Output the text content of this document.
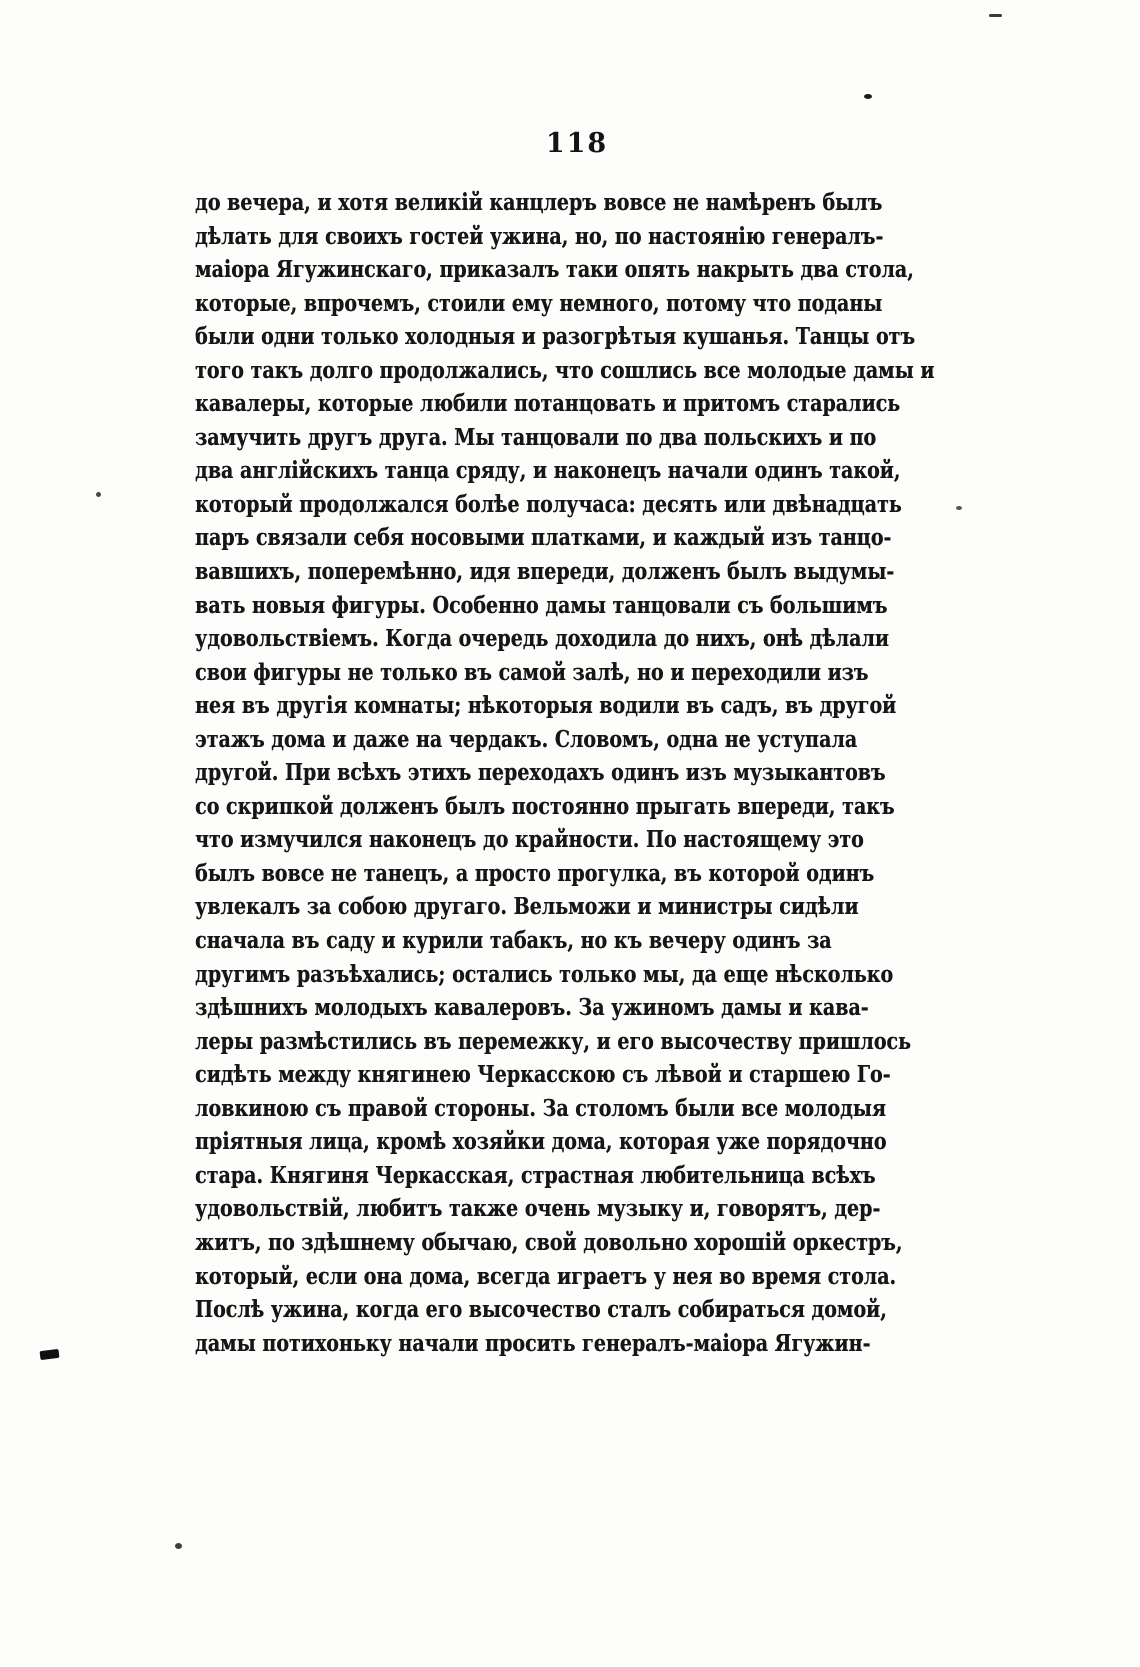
118
до вечера, и хотя великій канцлеръ вовсе не намѣренъ былъ
дѣлать для своихъ гостей ужина, но, по настоянію генералъ-
маіора Ягужинскаго, приказалъ таки опять накрыть два стола,
которые, впрочемъ, стоили ему немного, потому что поданы
были одни только холодныя и разогрѣтыя кушанья. Танцы отъ
того такъ долго продолжались, что сошлись все молодые дамы и
кавалеры, которые любили потанцовать и притомъ старались
замучить другъ друга. Мы танцовали по два польскихъ и по
два англійскихъ танца сряду, и наконецъ начали одинъ такой,
который продолжался болѣе получаса: десять или двѣнадцать
паръ связали себя носовыми платками, и каждый изъ танцо-
вавшихъ, поперемѣнно, идя впереди, долженъ былъ выдумы-
вать новыя фигуры. Особенно дамы танцовали съ большимъ
удовольствіемъ. Когда очередь доходила до нихъ, онѣ дѣлали
свои фигуры не только въ самой залѣ, но и переходили изъ
нея въ другія комнаты; нѣкоторыя водили въ садъ, въ другой
этажъ дома и даже на чердакъ. Словомъ, одна не уступала
другой. При всѣхъ этихъ переходахъ одинъ изъ музыкантовъ
со скрипкой долженъ былъ постоянно прыгать впереди, такъ
что измучился наконецъ до крайности. По настоящему это
былъ вовсе не танецъ, а просто прогулка, въ которой одинъ
увлекалъ за собою другаго. Вельможи и министры сидѣли
сначала въ саду и курили табакъ, но къ вечеру одинъ за
другимъ разъѣхались; остались только мы, да еще нѣсколько
здѣшнихъ молодыхъ кавалеровъ. За ужиномъ дамы и кава-
леры размѣстились въ перемежку, и его высочеству пришлось
сидѣть между княгинею Черкасскою съ лѣвой и старшею Го-
ловкиною съ правой стороны. За столомъ были все молодыя
пріятныя лица, кромѣ хозяйки дома, которая уже порядочно
стара. Княгиня Черкасская, страстная любительница всѣхъ
удовольствій, любитъ также очень музыку и, говорятъ, дер-
житъ, по здѣшнему обычаю, свой довольно хорошій оркестръ,
который, если она дома, всегда играетъ у нея во время стола.
Послѣ ужина, когда его высочество сталъ собираться домой,
дамы потихоньку начали просить генералъ-маіора Ягужин-
